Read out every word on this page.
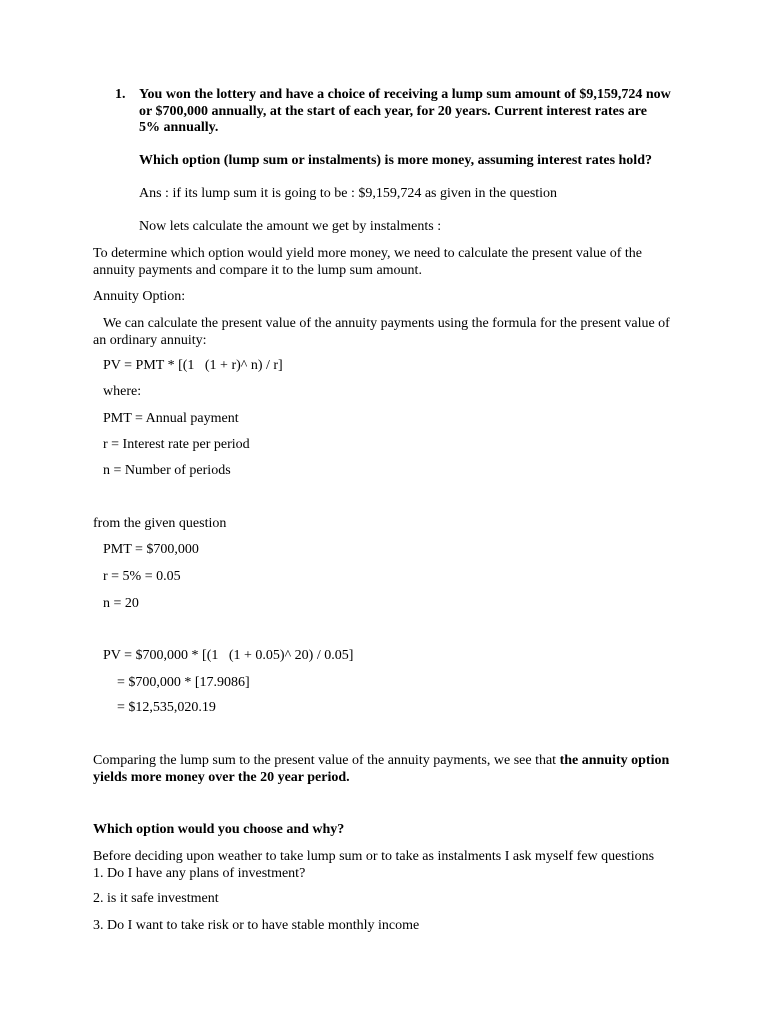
1. You won the lottery and have a choice of receiving a lump sum amount of $9,159,724 now or $700,000 annually, at the start of each year, for 20 years. Current interest rates are 5% annually.
Which option (lump sum or instalments) is more money, assuming interest rates hold?
Ans : if its lump sum it is going to be : $9,159,724 as given in the question
Now lets calculate the amount we get by instalments :
To determine which option would yield more money, we need to calculate the present value of the annuity payments and compare it to the lump sum amount.
Annuity Option:
We can calculate the present value of the annuity payments using the formula for the present value of an ordinary annuity:
PV = PMT * [(1   (1 + r)^ n) / r]
where:
PMT = Annual payment
r = Interest rate per period
n = Number of periods
from the given question
PMT = $700,000
r = 5% = 0.05
n = 20
PV = $700,000 * [(1   (1 + 0.05)^ 20) / 0.05]
= $700,000 * [17.9086]
= $12,535,020.19
Comparing the lump sum to the present value of the annuity payments, we see that the annuity option yields more money over the 20 year period.
Which option would you choose and why?
Before deciding upon weather to take lump sum or to take as instalments I ask myself few questions
1. Do I have any plans of investment?
2. is it safe investment
3. Do I want to take risk or to have stable monthly income
